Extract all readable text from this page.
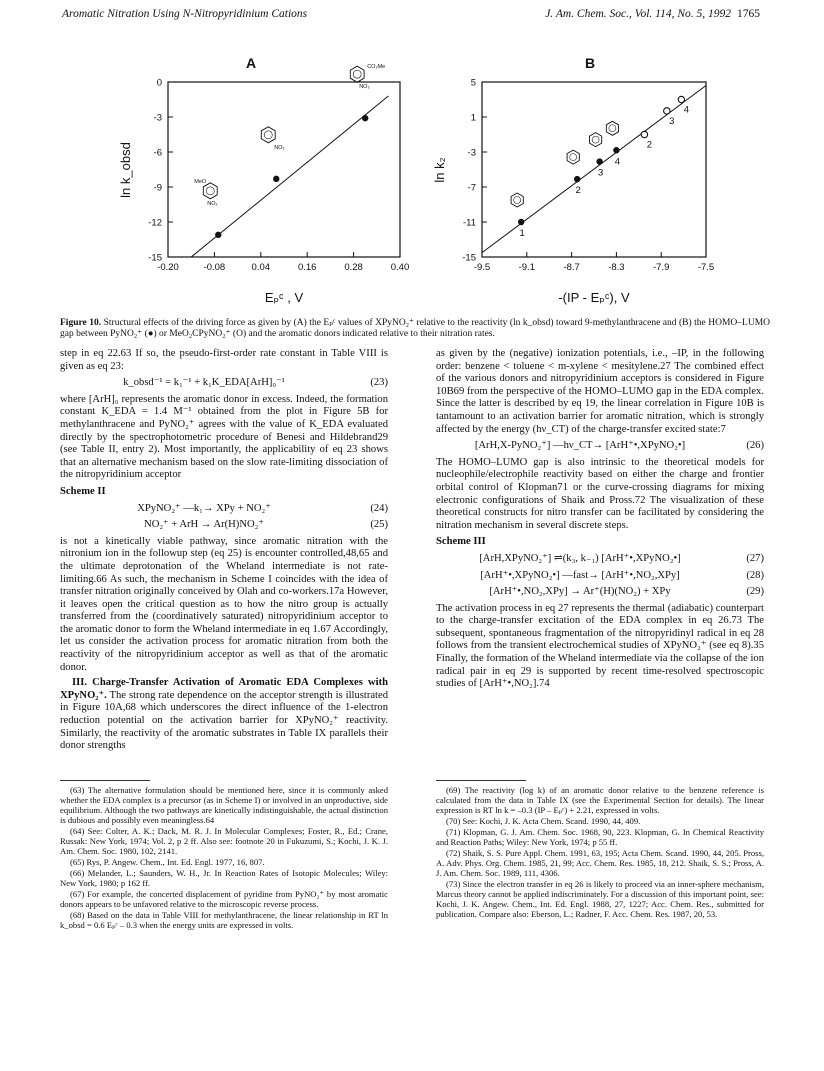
Aromatic Nitration Using N-Nitropyridinium Cations	J. Am. Chem. Soc., Vol. 114, No. 5, 1992 1765
A
-0.20	-0.08	0.04	0.16	0.28	0.40
0
-3
-6
-9
-12
-15
MeO
NO₂
NO₂
CO₂Me
NO₂
ln k_obsd
Eₚᶜ , V
B
-9.5	-9.1	-8.7	-8.3	-7.9	-7.5
5
1
-3
-7
-11
-15
1
2
3
4
2
3
4
ln k₂
-(IP - Eₚᶜ), V
Figure 10. Structural effects of the driving force as given by (A) the Eₚᶜ values of XPyNO₂⁺ relative to the reactivity (ln k_obsd) toward 9-methylanthracene and (B) the HOMO–LUMO gap between PyNO₂⁺ (●) or MeO₂CPyNO₂⁺ (O) and the aromatic donors indicated relative to their nitration rates.

step in eq 22.63 If so, the pseudo-first-order rate constant in Table VIII is given as eq 23:

k_obsd⁻¹ = k₁⁻¹ + k₁K_EDA[ArH]₀⁻¹	(23)

where [ArH]₀ represents the aromatic donor in excess. Indeed, the formation constant K_EDA = 1.4 M⁻¹ obtained from the plot in Figure 5B for methylanthracene and PyNO₂⁺ agrees with the value of K_EDA evaluated directly by the spectrophotometric procedure of Benesi and Hildebrand29 (see Table II, entry 2). Most importantly, the applicability of eq 23 shows that an alternative mechanism based on the slow rate-limiting dissociation of the nitropyridinium acceptor

Scheme II
XPyNO₂⁺ —k₁→ XPy + NO₂⁺	(24)
NO₂⁺ + ArH → Ar(H)NO₂⁺	(25)

is not a kinetically viable pathway, since aromatic nitration with the nitronium ion in the followup step (eq 25) is encounter controlled,48,65 and the ultimate deprotonation of the Wheland intermediate is not rate-limiting.66 As such, the mechanism in Scheme I coincides with the idea of transfer nitration originally conceived by Olah and co-workers.17a However, it leaves open the critical question as to how the nitro group is actually transferred from the (coordinatively saturated) nitropyridinium acceptor to the aromatic donor to form the Wheland intermediate in eq 1.67 Accordingly, let us consider the activation process for aromatic nitration from both the reactivity of the nitropyridinium acceptor as well as that of the aromatic donor.

III. Charge-Transfer Activation of Aromatic EDA Complexes with XPyNO₂⁺. The strong rate dependence on the acceptor strength is illustrated in Figure 10A,68 which underscores the direct influence of the 1-electron reduction potential on the activation barrier for XPyNO₂⁺ reactivity. Similarly, the reactivity of the aromatic substrates in Table IX parallels their donor strengths

as given by the (negative) ionization potentials, i.e., –IP, in the following order: benzene < toluene < m-xylene < mesitylene.27 The combined effect of the various donors and nitropyridinium acceptors is considered in Figure 10B69 from the perspective of the HOMO–LUMO gap in the EDA complex. Since the latter is described by eq 19, the linear correlation in Figure 10B is tantamount to an activation barrier for aromatic nitration, which is strongly affected by the energy (hν_CT) of the charge-transfer excited state:7

[ArH,X-PyNO₂⁺] —hν_CT→ [ArH⁺•,XPyNO₂•]	(26)

The HOMO–LUMO gap is also intrinsic to the theoretical models for nucleophile/electrophile reactivity based on either the charge and frontier orbital control of Klopman71 or the curve-crossing diagrams for mixing electronic configurations of Shaik and Pross.72 The visualization of these theoretical constructs for nitro transfer can be facilitated by considering the nitration mechanism in several discrete steps.

Scheme III
[ArH,XPyNO₂⁺] ⇌(k₃, k₋₁) [ArH⁺•,XPyNO₂•]	(27)
[ArH⁺•,XPyNO₂•] —fast→ [ArH⁺•,NO₂,XPy]	(28)
[ArH⁺•,NO₂,XPy] → Ar⁺(H)(NO₂) + XPy	(29)

The activation process in eq 27 represents the thermal (adiabatic) counterpart to the charge-transfer excitation of the EDA complex in eq 26.73 The subsequent, spontaneous fragmentation of the nitropyridinyl radical in eq 28 follows from the transient electrochemical studies of XPyNO₂⁺ (see eq 8).35 Finally, the formation of the Wheland intermediate via the collapse of the ion radical pair in eq 29 is supported by recent time-resolved spectroscopic studies of [ArH⁺•,NO₂].74

(63) The alternative formulation should be mentioned here, since it is commonly asked whether the EDA complex is a precursor (as in Scheme I) or involved in an unproductive, side equilibrium. Although the two pathways are kinetically indistinguishable, the actual distinction is dubious and possibly even meaningless.64

(64) See: Colter, A. K.; Dack, M. R. J. In Molecular Complexes; Foster, R., Ed.; Crane, Russak: New York, 1974; Vol. 2, p 2 ff. Also see: footnote 20 in Fukuzumi, S.; Kochi, J. K. J. Am. Chem. Soc. 1980, 102, 2141.

(65) Rys, P. Angew. Chem., Int. Ed. Engl. 1977, 16, 807.

(66) Melander, L.; Saunders, W. H., Jr. In Reaction Rates of Isotopic Molecules; Wiley: New York, 1980; p 162 ff.

(67) For example, the concerted displacement of pyridine from PyNO₂⁺ by most aromatic donors appears to be unfavored relative to the microscopic reverse process.

(68) Based on the data in Table VIII for methylanthracene, the linear relationship in RT ln k_obsd = 0.6 Eₚᶜ – 0.3 when the energy units are expressed in volts.

(69) The reactivity (log k) of an aromatic donor relative to the benzene reference is calculated from the data in Table IX (see the Experimental Section for details). The linear expression is RT ln k = –0.3 (IP – Eₚᶜ) + 2.21, expressed in volts.

(70) See: Kochi, J. K. Acta Chem. Scand. 1990, 44, 409.

(71) Klopman, G. J. Am. Chem. Soc. 1968, 90, 223. Klopman, G. In Chemical Reactivity and Reaction Paths; Wiley: New York, 1974; p 55 ff.

(72) Shaik, S. S. Pure Appl. Chem. 1991, 63, 195; Acta Chem. Scand. 1990, 44, 205. Pross, A. Adv. Phys. Org. Chem. 1985, 21, 99; Acc. Chem. Res. 1985, 18, 212. Shaik, S. S.; Pross, A. J. Am. Chem. Soc. 1989, 111, 4306.

(73) Since the electron transfer in eq 26 is likely to proceed via an inner-sphere mechanism, Marcus theory cannot be applied indiscriminately. For a discussion of this important point, see: Kochi, J. K. Angew. Chem., Int. Ed. Engl. 1988, 27, 1227; Acc. Chem. Res., submitted for publication. Compare also: Eberson, L.; Radner, F. Acc. Chem. Res. 1987, 20, 53.
